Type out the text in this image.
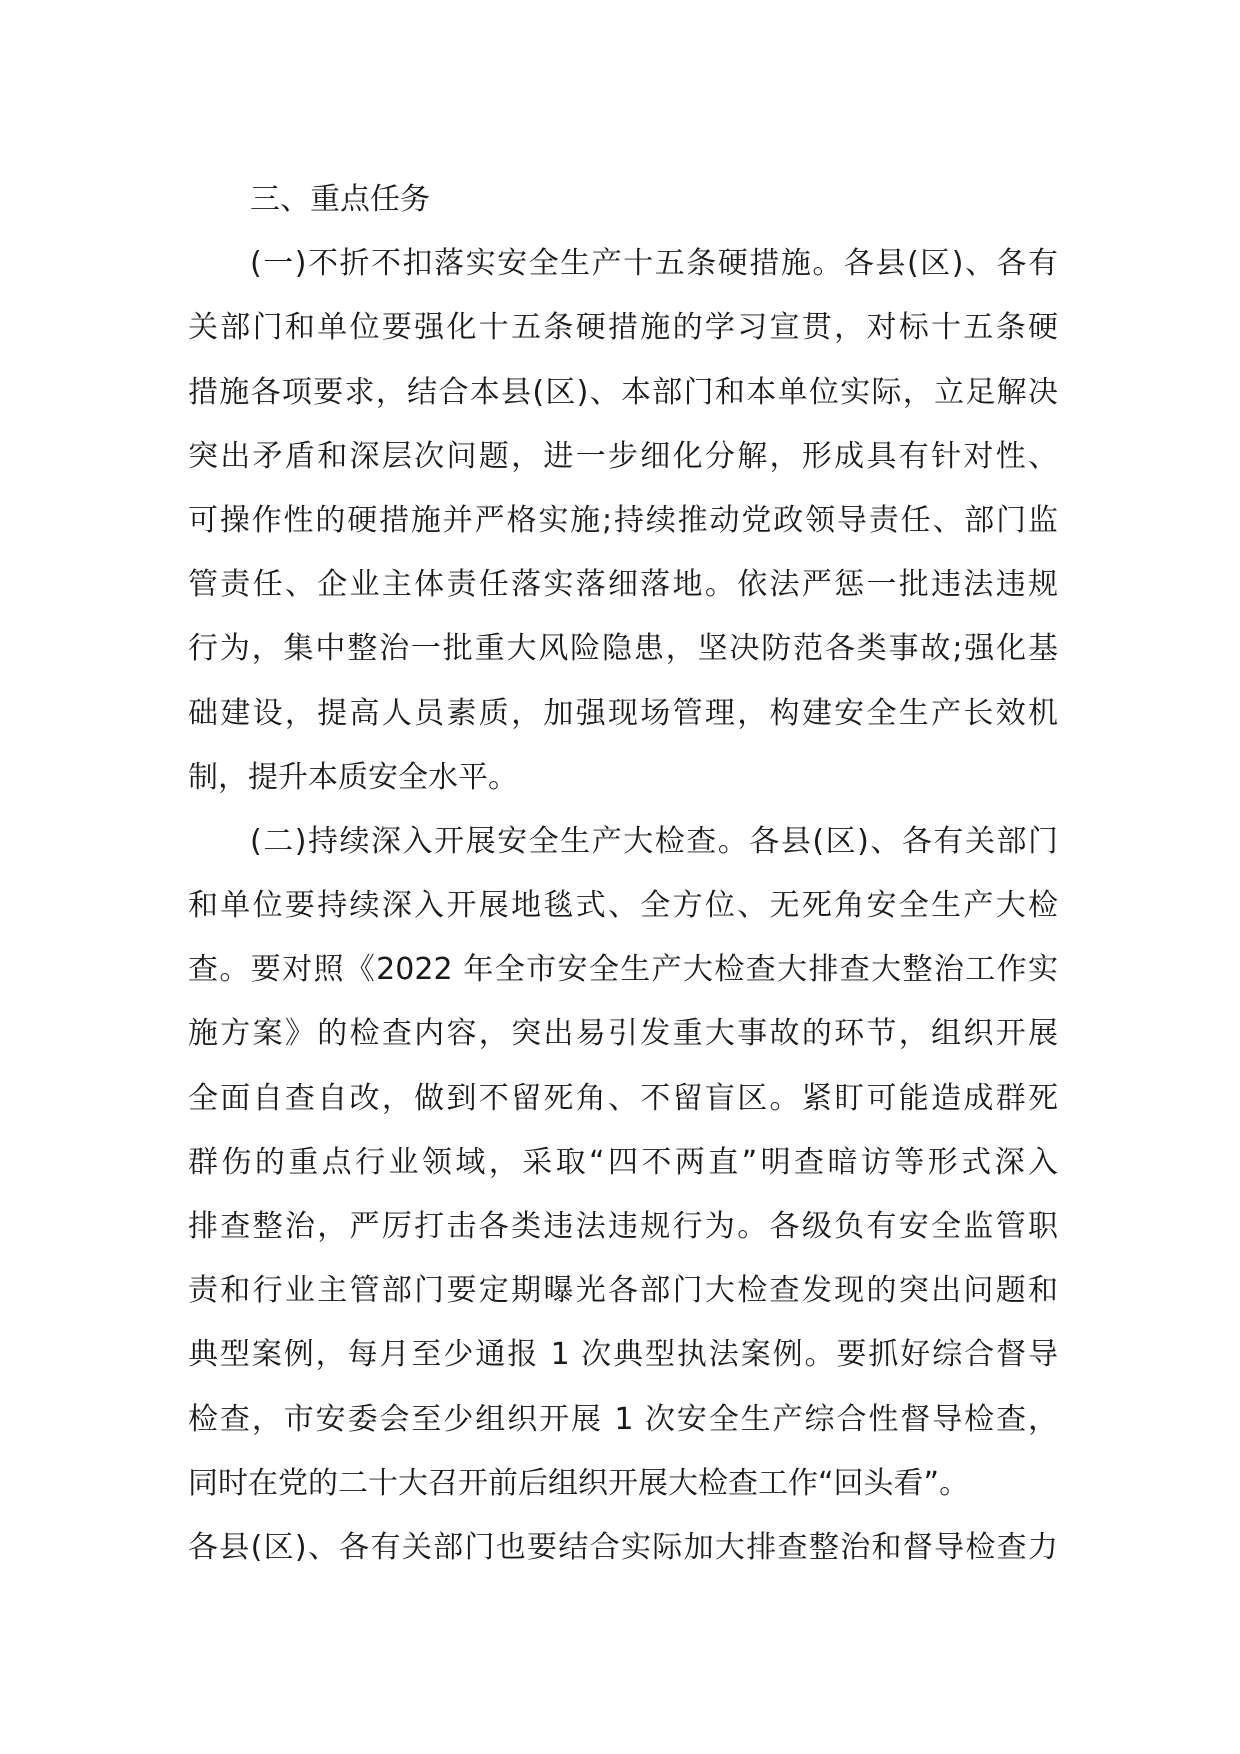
三、重点任务
(一)不折不扣落实安全生产十五条硬措施。各县(区)、各有
关部门和单位要强化十五条硬措施的学习宣贯，对标十五条硬
措施各项要求，结合本县(区)、本部门和本单位实际，立足解决
突出矛盾和深层次问题，进一步细化分解，形成具有针对性、
可操作性的硬措施并严格实施;持续推动党政领导责任、部门监
管责任、企业主体责任落实落细落地。依法严惩一批违法违规
行为，集中整治一批重大风险隐患，坚决防范各类事故;强化基
础建设，提高人员素质，加强现场管理，构建安全生产长效机
制，提升本质安全水平。
(二)持续深入开展安全生产大检查。各县(区)、各有关部门
和单位要持续深入开展地毯式、全方位、无死角安全生产大检
查。要对照《2022 年全市安全生产大检查大排查大整治工作实
施方案》的检查内容，突出易引发重大事故的环节，组织开展
全面自查自改，做到不留死角、不留盲区。紧盯可能造成群死
群伤的重点行业领域，采取“四不两直”明查暗访等形式深入
排查整治，严厉打击各类违法违规行为。各级负有安全监管职
责和行业主管部门要定期曝光各部门大检查发现的突出问题和
典型案例，每月至少通报 1 次典型执法案例。要抓好综合督导
检查，市安委会至少组织开展 1 次安全生产综合性督导检查，
同时在党的二十大召开前后组织开展大检查工作“回头看”。
各县(区)、各有关部门也要结合实际加大排查整治和督导检查力
